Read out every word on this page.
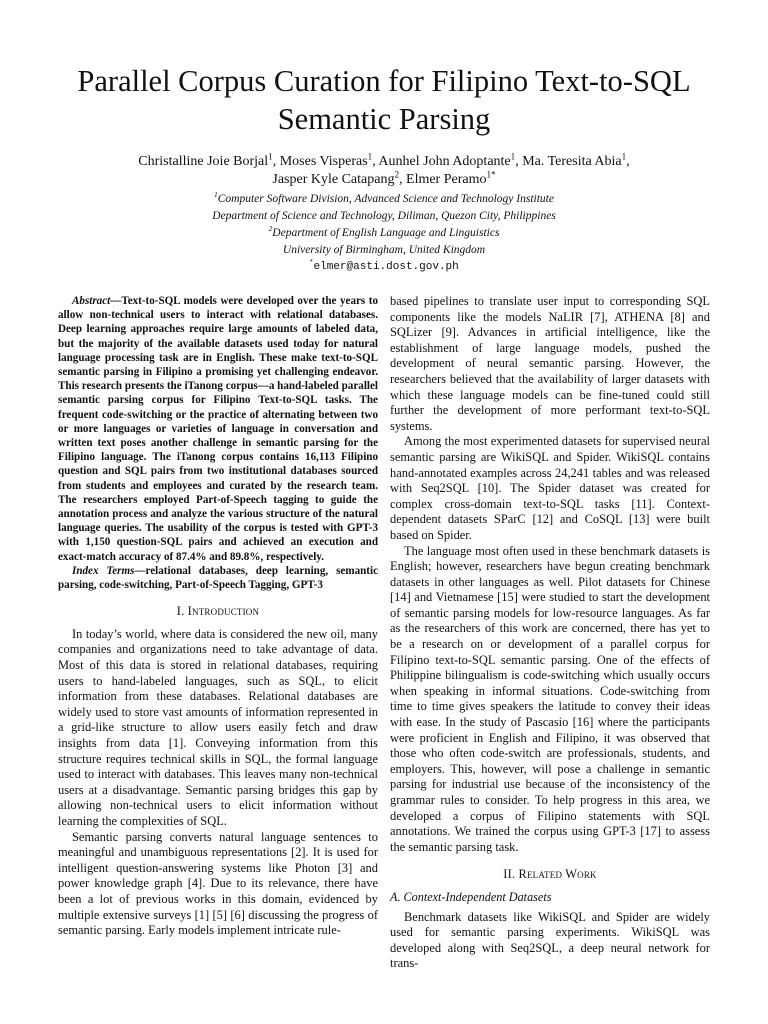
Parallel Corpus Curation for Filipino Text-to-SQL
Semantic Parsing
Christalline Joie Borjal$^1$, Moses Visperas$^1$, Aunhel John Adoptante$^1$, Ma. Teresita Abia$^1$,
Jasper Kyle Catapang$^2$, Elmer Peramo$^{1*}$
$^1$Computer Software Division, Advanced Science and Technology Institute
Department of Science and Technology, Diliman, Quezon City, Philippines
$^2$Department of English Language and Linguistics
University of Birmingham, United Kingdom
*elmer@asti.dost.gov.ph

Abstract—Text-to-SQL models were developed over the years to allow non-technical users to interact with relational databases. Deep learning approaches require large amounts of labeled data, but the majority of the available datasets used today for natural language processing task are in English. These make text-to-SQL semantic parsing in Filipino a promising yet challenging endeavor. This research presents the iTanong corpus—a hand-labeled parallel semantic parsing corpus for Filipino Text-to-SQL tasks. The frequent code-switching or the practice of alternating between two or more languages or varieties of language in conversation and written text poses another challenge in semantic parsing for the Filipino language. The iTanong corpus contains 16,113 Filipino question and SQL pairs from two institutional databases sourced from students and employees and curated by the research team. The researchers employed Part-of-Speech tagging to guide the annotation process and analyze the various structure of the natural language queries. The usability of the corpus is tested with GPT-3 with 1,150 question-SQL pairs and achieved an execution and exact-match accuracy of 87.4% and 89.8%, respectively.

Index Terms—relational databases, deep learning, semantic parsing, code-switching, Part-of-Speech Tagging, GPT-3

I. Introduction

In today’s world, where data is considered the new oil, many companies and organizations need to take advantage of data. Most of this data is stored in relational databases, requiring users to hand-labeled languages, such as SQL, to elicit information from these databases. Relational databases are widely used to store vast amounts of information represented in a grid-like structure to allow users easily fetch and draw insights from data [1]. Conveying information from this structure requires technical skills in SQL, the formal language used to interact with databases. This leaves many non-technical users at a disadvantage. Semantic parsing bridges this gap by allowing non-technical users to elicit information without learning the complexities of SQL.

Semantic parsing converts natural language sentences to meaningful and unambiguous representations [2]. It is used for intelligent question-answering systems like Photon [3] and power knowledge graph [4]. Due to its relevance, there have been a lot of previous works in this domain, evidenced by multiple extensive surveys [1] [5] [6] discussing the progress of semantic parsing. Early models implement intricate rule-

based pipelines to translate user input to corresponding SQL components like the models NaLIR [7], ATHENA [8] and SQLizer [9]. Advances in artificial intelligence, like the establishment of large language models, pushed the development of neural semantic parsing. However, the researchers believed that the availability of larger datasets with which these language models can be fine-tuned could still further the development of more performant text-to-SQL systems.

Among the most experimented datasets for supervised neural semantic parsing are WikiSQL and Spider. WikiSQL contains hand-annotated examples across 24,241 tables and was released with Seq2SQL [10]. The Spider dataset was created for complex cross-domain text-to-SQL tasks [11]. Context-dependent datasets SParC [12] and CoSQL [13] were built based on Spider.

The language most often used in these benchmark datasets is English; however, researchers have begun creating benchmark datasets in other languages as well. Pilot datasets for Chinese [14] and Vietnamese [15] were studied to start the development of semantic parsing models for low-resource languages. As far as the researchers of this work are concerned, there has yet to be a research on or development of a parallel corpus for Filipino text-to-SQL semantic parsing. One of the effects of Philippine bilingualism is code-switching which usually occurs when speaking in informal situations. Code-switching from time to time gives speakers the latitude to convey their ideas with ease. In the study of Pascasio [16] where the participants were proficient in English and Filipino, it was observed that those who often code-switch are professionals, students, and employers. This, however, will pose a challenge in semantic parsing for industrial use because of the inconsistency of the grammar rules to consider. To help progress in this area, we developed a corpus of Filipino statements with SQL annotations. We trained the corpus using GPT-3 [17] to assess the semantic parsing task.

II. Related Work
A. Context-Independent Datasets

Benchmark datasets like WikiSQL and Spider are widely used for semantic parsing experiments. WikiSQL was developed along with Seq2SQL, a deep neural network for trans-
